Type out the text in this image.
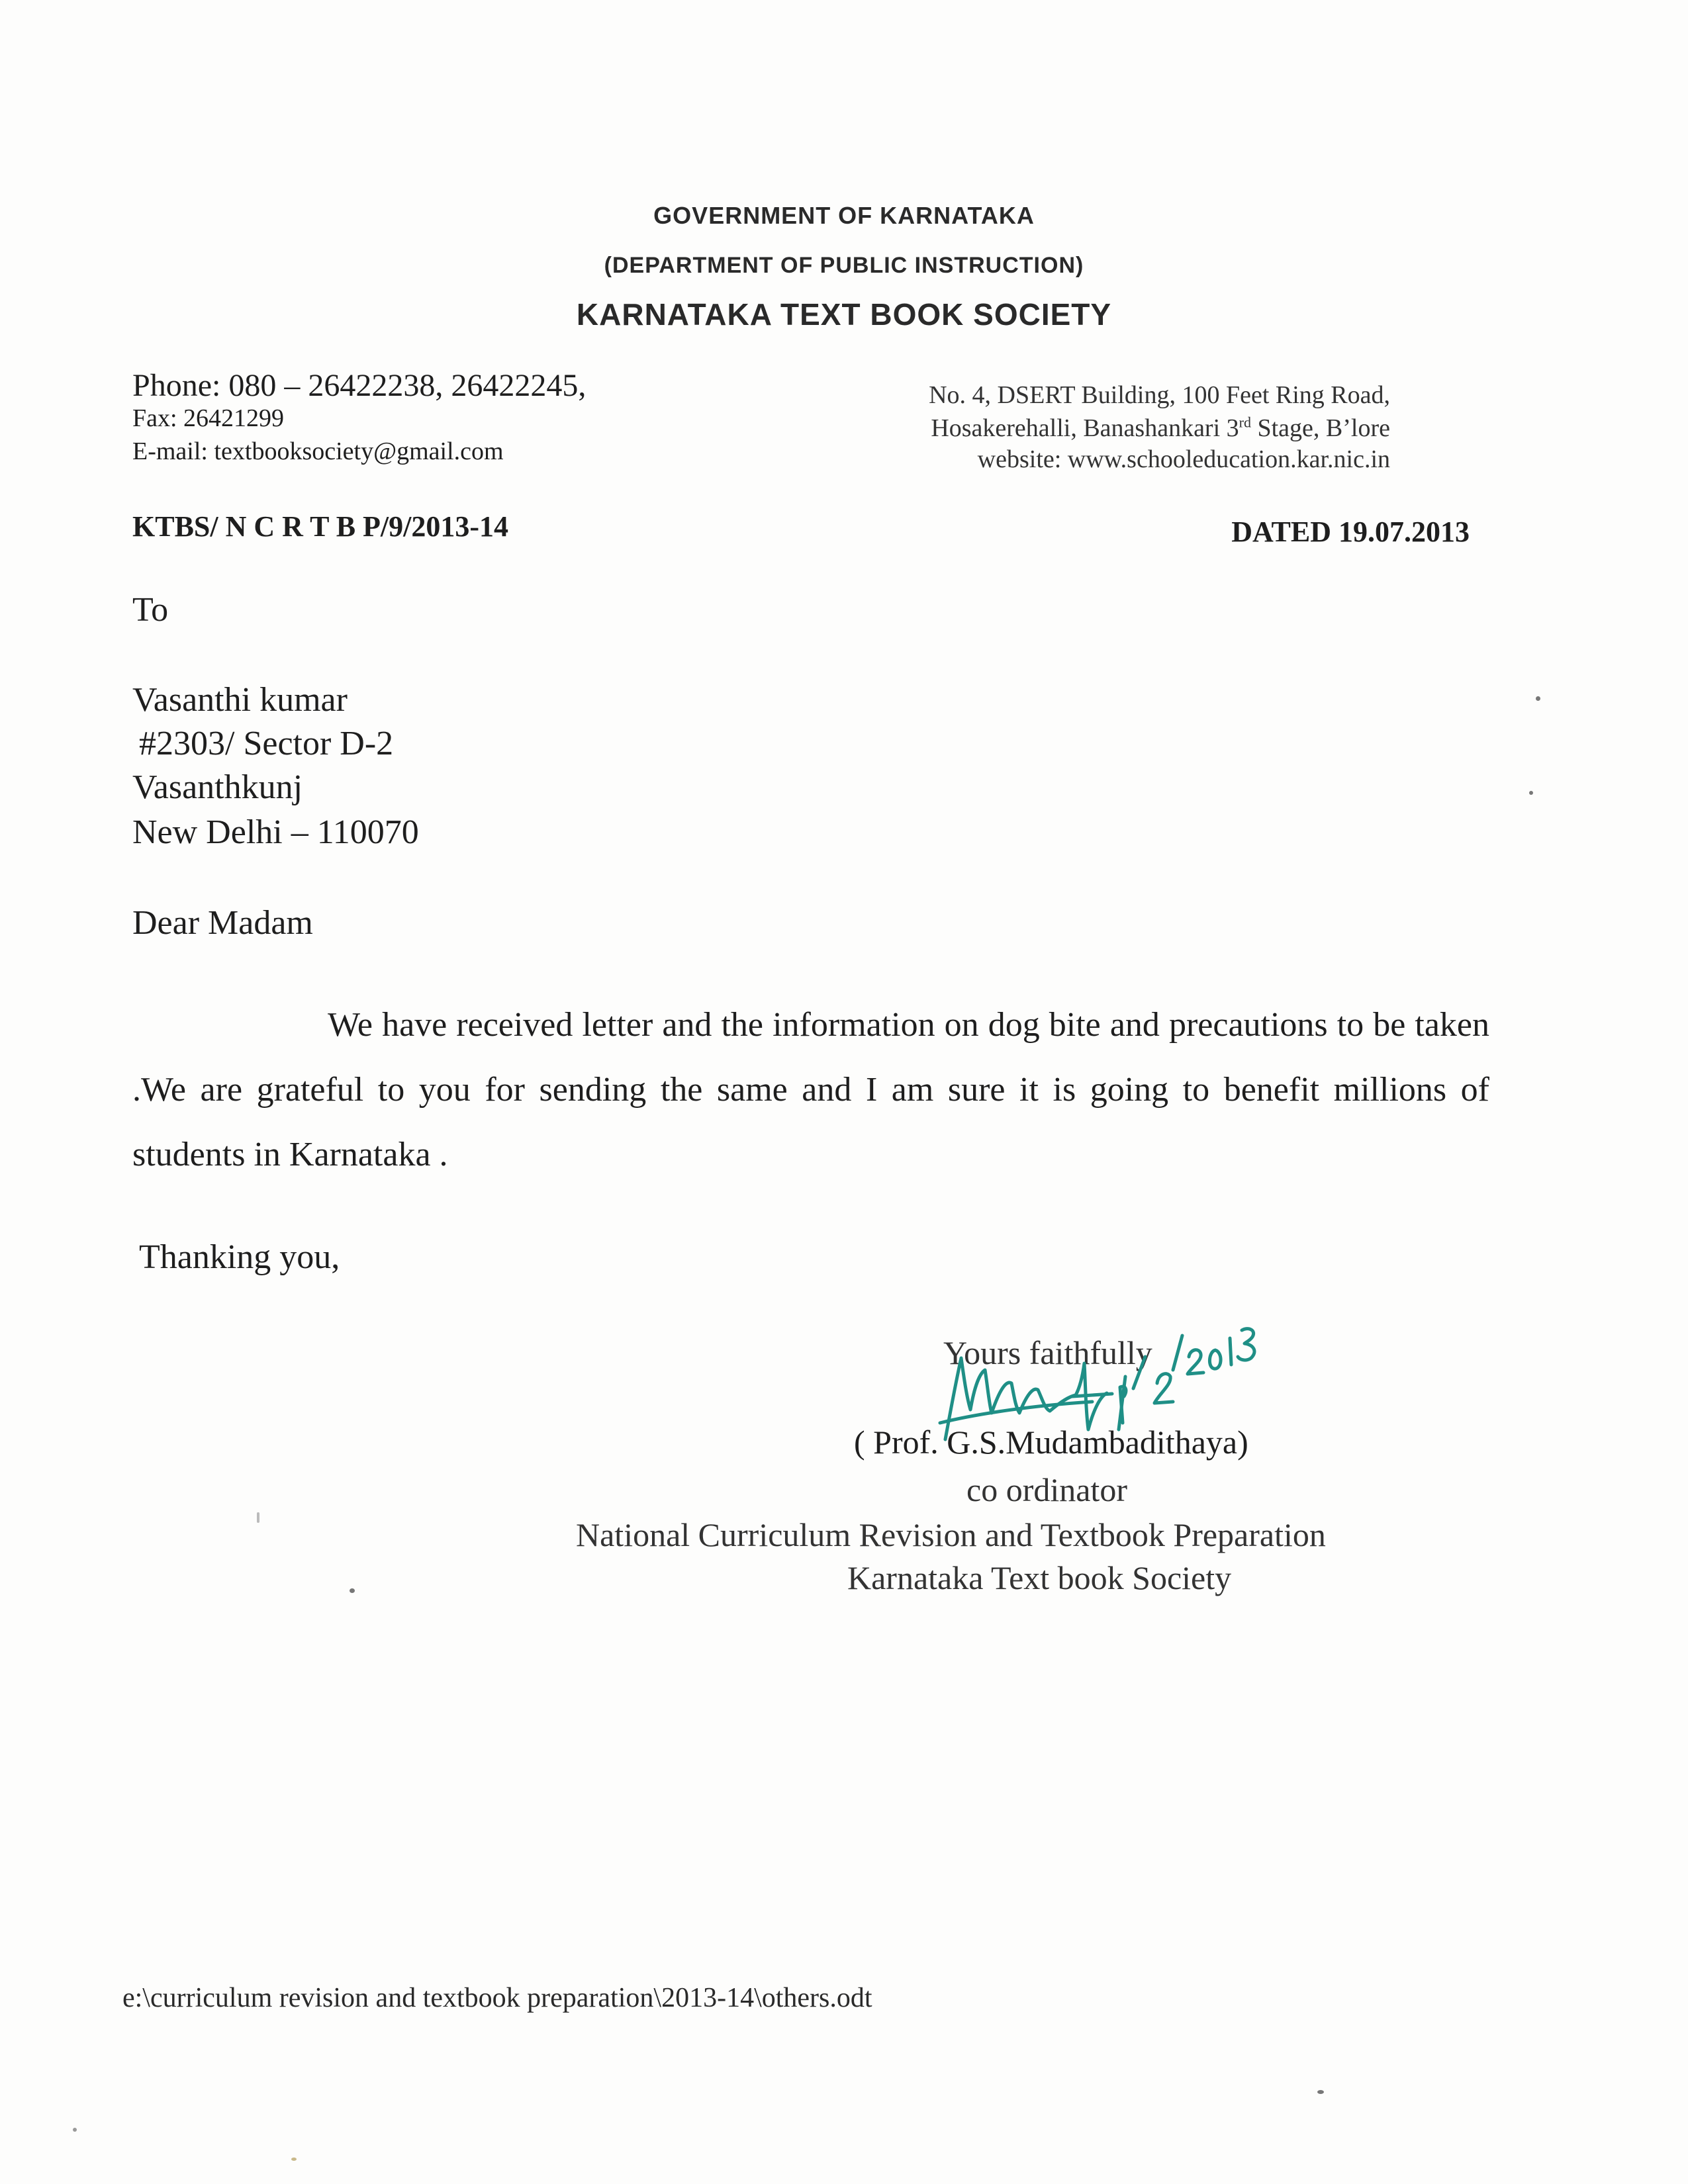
GOVERNMENT OF KARNATAKA
(DEPARTMENT OF PUBLIC INSTRUCTION)
KARNATAKA TEXT BOOK SOCIETY
Phone: 080 – 26422238, 26422245,
Fax: 26421299
E-mail: textbooksociety@gmail.com
No. 4, DSERT Building, 100 Feet Ring Road,
Hosakerehalli, Banashankari 3rd Stage, B’lore
website: www.schooleducation.kar.nic.in
KTBS/ N C R T B P/9/2013-14	DATED 19.07.2013
To
Vasanthi kumar
#2303/ Sector D-2
Vasanthkunj
New Delhi – 110070
Dear Madam
We have received letter and the information on dog bite and precautions to be taken .We are grateful to you for sending the same and I am sure it is going to benefit millions of students in Karnataka .
Thanking you,
Yours faithfully
( Prof. G.S.Mudambadithaya)
co ordinator
National Curriculum Revision and Textbook Preparation
Karnataka Text book Society
e:\curriculum revision and textbook preparation\2013-14\others.odt
